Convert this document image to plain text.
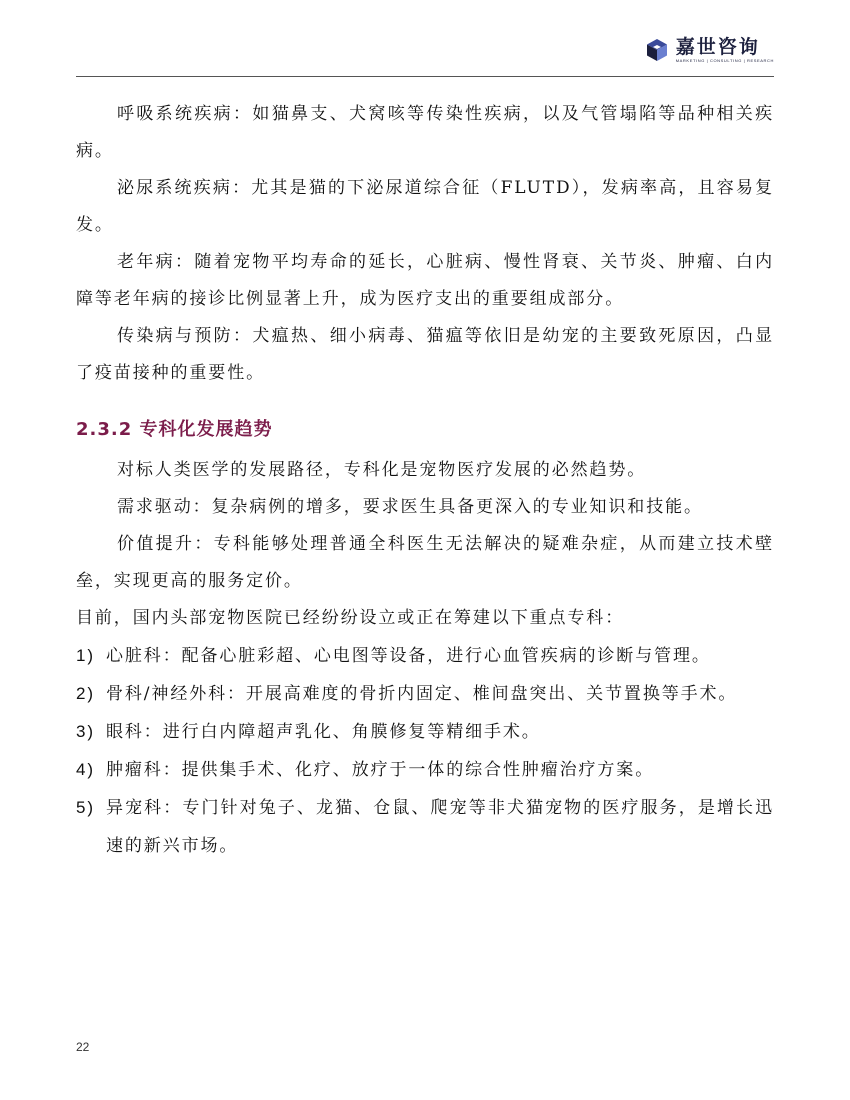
嘉世咨询
MARKETING | CONSULTING | RESEARCH

呼吸系统疾病：如猫鼻支、犬窝咳等传染性疾病，以及气管塌陷等品种相关疾病。

泌尿系统疾病：尤其是猫的下泌尿道综合征（FLUTD），发病率高，且容易复发。

老年病：随着宠物平均寿命的延长，心脏病、慢性肾衰、关节炎、肿瘤、白内障等老年病的接诊比例显著上升，成为医疗支出的重要组成部分。

传染病与预防：犬瘟热、细小病毒、猫瘟等依旧是幼宠的主要致死原因，凸显了疫苗接种的重要性。

2.3.2 专科化发展趋势

对标人类医学的发展路径，专科化是宠物医疗发展的必然趋势。

需求驱动：复杂病例的增多，要求医生具备更深入的专业知识和技能。

价值提升：专科能够处理普通全科医生无法解决的疑难杂症，从而建立技术壁垒，实现更高的服务定价。

目前，国内头部宠物医院已经纷纷设立或正在筹建以下重点专科：

1) 心脏科：配备心脏彩超、心电图等设备，进行心血管疾病的诊断与管理。
2) 骨科/神经外科：开展高难度的骨折内固定、椎间盘突出、关节置换等手术。
3) 眼科：进行白内障超声乳化、角膜修复等精细手术。
4) 肿瘤科：提供集手术、化疗、放疗于一体的综合性肿瘤治疗方案。
5) 异宠科：专门针对兔子、龙猫、仓鼠、爬宠等非犬猫宠物的医疗服务，是增长迅速的新兴市场。
22
